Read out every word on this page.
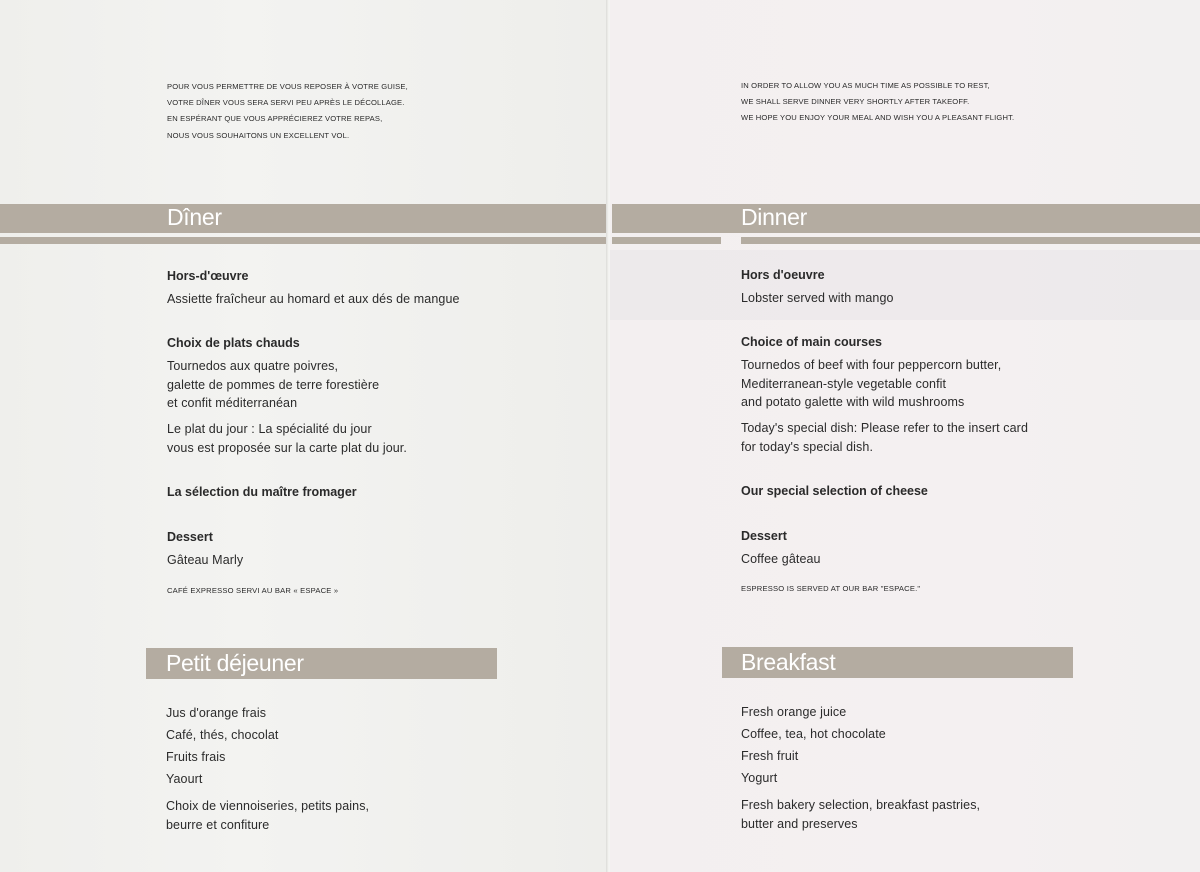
POUR VOUS PERMETTRE DE VOUS REPOSER À VOTRE GUISE,
VOTRE DÎNER VOUS SERA SERVI PEU APRÈS LE DÉCOLLAGE.
EN ESPÉRANT QUE VOUS APPRÉCIEREZ VOTRE REPAS,
NOUS VOUS SOUHAITONS UN EXCELLENT VOL.
Dîner
Hors-d'œuvre
Assiette fraîcheur au homard et aux dés de mangue
Choix de plats chauds
Tournedos aux quatre poivres,
galette de pommes de terre forestière
et confit méditerranéan
Le plat du jour : La spécialité du jour
vous est proposée sur la carte plat du jour.
La sélection du maître fromager
Dessert
Gâteau Marly
CAFÉ EXPRESSO SERVI AU BAR « ESPACE »
Petit déjeuner
Jus d'orange frais
Café, thés, chocolat
Fruits frais
Yaourt
Choix de viennoiseries, petits pains,
beurre et confiture
IN ORDER TO ALLOW YOU AS MUCH TIME AS POSSIBLE TO REST,
WE SHALL SERVE DINNER VERY SHORTLY AFTER TAKEOFF.
WE HOPE YOU ENJOY YOUR MEAL AND WISH YOU A PLEASANT FLIGHT.
Dinner
Hors d'oeuvre
Lobster served with mango
Choice of main courses
Tournedos of beef with four peppercorn butter,
Mediterranean-style vegetable confit
and potato galette with wild mushrooms
Today's special dish: Please refer to the insert card
for today's special dish.
Our special selection of cheese
Dessert
Coffee gâteau
ESPRESSO IS SERVED AT OUR BAR "ESPACE."
Breakfast
Fresh orange juice
Coffee, tea, hot chocolate
Fresh fruit
Yogurt
Fresh bakery selection, breakfast pastries,
butter and preserves
